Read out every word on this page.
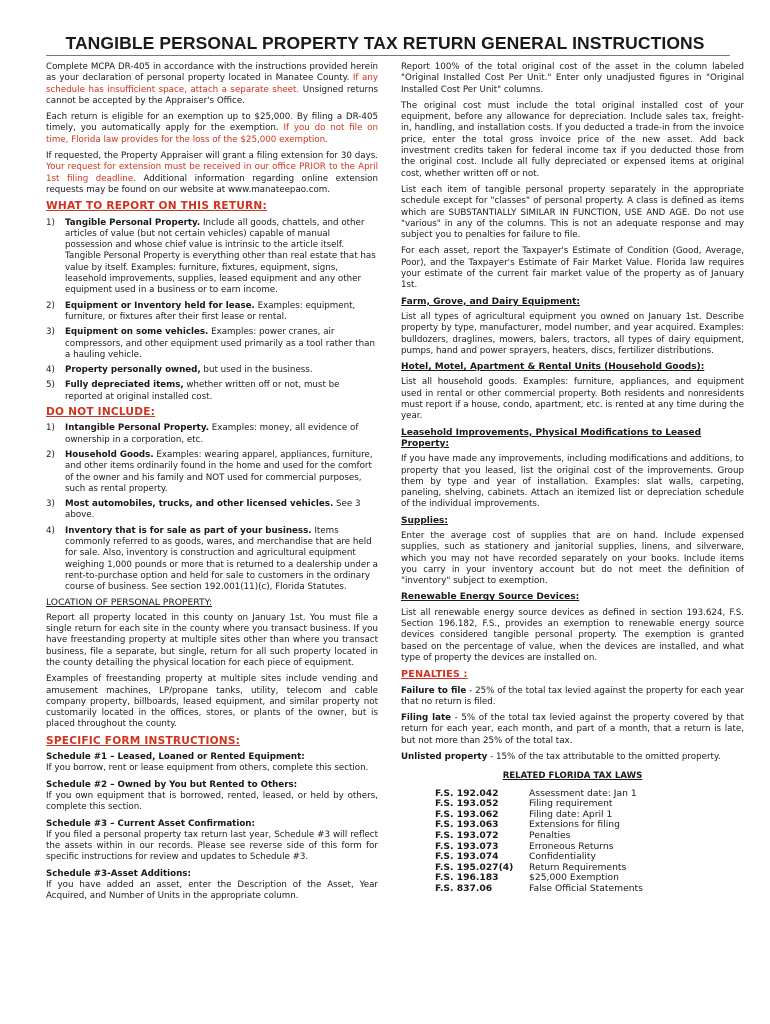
TANGIBLE PERSONAL PROPERTY TAX RETURN GENERAL INSTRUCTIONS

Complete MCPA DR-405 in accordance with the instructions provided herein as your declaration of personal property located in Manatee County. If any schedule has insufficient space, attach a separate sheet. Unsigned returns cannot be accepted by the Appraiser's Office.

Each return is eligible for an exemption up to $25,000. By filing a DR-405 timely, you automatically apply for the exemption. If you do not file on time, Florida law provides for the loss of the $25,000 exemption.

If requested, the Property Appraiser will grant a filing extension for 30 days. Your request for extension must be received in our office PRIOR to the April 1st filing deadline. Additional information regarding online extension requests may be found on our website at www.manateepao.com.

WHAT TO REPORT ON THIS RETURN:
1) Tangible Personal Property. Include all goods, chattels, and other articles of value (but not certain vehicles) capable of manual possession and whose chief value is intrinsic to the article itself. Tangible Personal Property is everything other than real estate that has value by itself. Examples: furniture, fixtures, equipment, signs, leasehold improvements, supplies, leased equipment and any other equipment used in a business or to earn income.
2) Equipment or Inventory held for lease. Examples: equipment, furniture, or fixtures after their first lease or rental.
3) Equipment on some vehicles. Examples: power cranes, air compressors, and other equipment used primarily as a tool rather than a hauling vehicle.
4) Property personally owned, but used in the business.
5) Fully depreciated items, whether written off or not, must be reported at original installed cost.
DO NOT INCLUDE:
1) Intangible Personal Property. Examples: money, all evidence of ownership in a corporation, etc.
2) Household Goods. Examples: wearing apparel, appliances, furniture, and other items ordinarily found in the home and used for the comfort of the owner and his family and NOT used for commercial purposes, such as rental property.
3) Most automobiles, trucks, and other licensed vehicles. See 3 above.
4) Inventory that is for sale as part of your business. Items commonly referred to as goods, wares, and merchandise that are held for sale. Also, inventory is construction and agricultural equipment weighing 1,000 pounds or more that is returned to a dealership under a rent-to-purchase option and held for sale to customers in the ordinary course of business. See section 192.001(11)(c), Florida Statutes.
LOCATION OF PERSONAL PROPERTY:

Report all property located in this county on January 1st. You must file a single return for each site in the county where you transact business. If you have freestanding property at multiple sites other than where you transact business, file a separate, but single, return for all such property located in the county detailing the physical location for each piece of equipment.

Examples of freestanding property at multiple sites include vending and amusement machines, LP/propane tanks, utility, telecom and cable company property, billboards, leased equipment, and similar property not customarily located in the offices, stores, or plants of the owner, but is placed throughout the county.

SPECIFIC FORM INSTRUCTIONS:
Schedule #1 – Leased, Loaned or Rented Equipment:

If you borrow, rent or lease equipment from others, complete this section.

Schedule #2 – Owned by You but Rented to Others:

If you own equipment that is borrowed, rented, leased, or held by others, complete this section.

Schedule #3 – Current Asset Confirmation:

If you filed a personal property tax return last year, Schedule #3 will reflect the assets within in our records. Please see reverse side of this form for specific instructions for review and updates to Schedule #3.

Schedule #3-Asset Additions:

If you have added an asset, enter the Description of the Asset, Year Acquired, and Number of Units in the appropriate column.

Report 100% of the total original cost of the asset in the column labeled "Original Installed Cost Per Unit." Enter only unadjusted figures in "Original Installed Cost Per Unit" columns.

The original cost must include the total original installed cost of your equipment, before any allowance for depreciation. Include sales tax, freight-in, handling, and installation costs. If you deducted a trade-in from the invoice price, enter the total gross invoice price of the new asset. Add back investment credits taken for federal income tax if you deducted those from the original cost. Include all fully depreciated or expensed items at original cost, whether written off or not.

List each item of tangible personal property separately in the appropriate schedule except for "classes" of personal property. A class is defined as items which are SUBSTANTIALLY SIMILAR IN FUNCTION, USE AND AGE. Do not use "various" in any of the columns. This is not an adequate response and may subject you to penalties for failure to file.

For each asset, report the Taxpayer's Estimate of Condition (Good, Average, Poor), and the Taxpayer's Estimate of Fair Market Value. Florida law requires your estimate of the current fair market value of the property as of January 1st.

Farm, Grove, and Dairy Equipment:

List all types of agricultural equipment you owned on January 1st. Describe property by type, manufacturer, model number, and year acquired. Examples: bulldozers, draglines, mowers, balers, tractors, all types of dairy equipment, pumps, hand and power sprayers, heaters, discs, fertilizer distributions.

Hotel, Motel, Apartment & Rental Units (Household Goods):

List all household goods. Examples: furniture, appliances, and equipment used in rental or other commercial property. Both residents and nonresidents must report if a house, condo, apartment, etc. is rented at any time during the year.

Leasehold Improvements, Physical Modifications to Leased Property:

If you have made any improvements, including modifications and additions, to property that you leased, list the original cost of the improvements. Group them by type and year of installation. Examples: slat walls, carpeting, paneling, shelving, cabinets. Attach an itemized list or depreciation schedule of the individual improvements.

Supplies:

Enter the average cost of supplies that are on hand. Include expensed supplies, such as stationery and janitorial supplies, linens, and silverware, which you may not have recorded separately on your books. Include items you carry in your inventory account but do not meet the definition of "inventory" subject to exemption.

Renewable Energy Source Devices:

List all renewable energy source devices as defined in section 193.624, F.S. Section 196.182, F.S., provides an exemption to renewable energy source devices considered tangible personal property. The exemption is granted based on the percentage of value, when the devices are installed, and what type of property the devices are installed on.

PENALTIES :

Failure to file - 25% of the total tax levied against the property for each year that no return is filed.

Filing late - 5% of the total tax levied against the property covered by that return for each year, each month, and part of a month, that a return is late, but not more than 25% of the total tax.

Unlisted property - 15% of the tax attributable to the omitted property.

RELATED FLORIDA TAX LAWS
F.S. 192.042	Assessment date: Jan 1
F.S. 193.052	Filing requirement
F.S. 193.062	Filing date: April 1
F.S. 193.063	Extensions for filing
F.S. 193.072	Penalties
F.S. 193.073	Erroneous Returns
F.S. 193.074	Confidentiality
F.S. 195.027(4)	Return Requirements
F.S. 196.183	$25,000 Exemption
F.S. 837.06	False Official Statements
